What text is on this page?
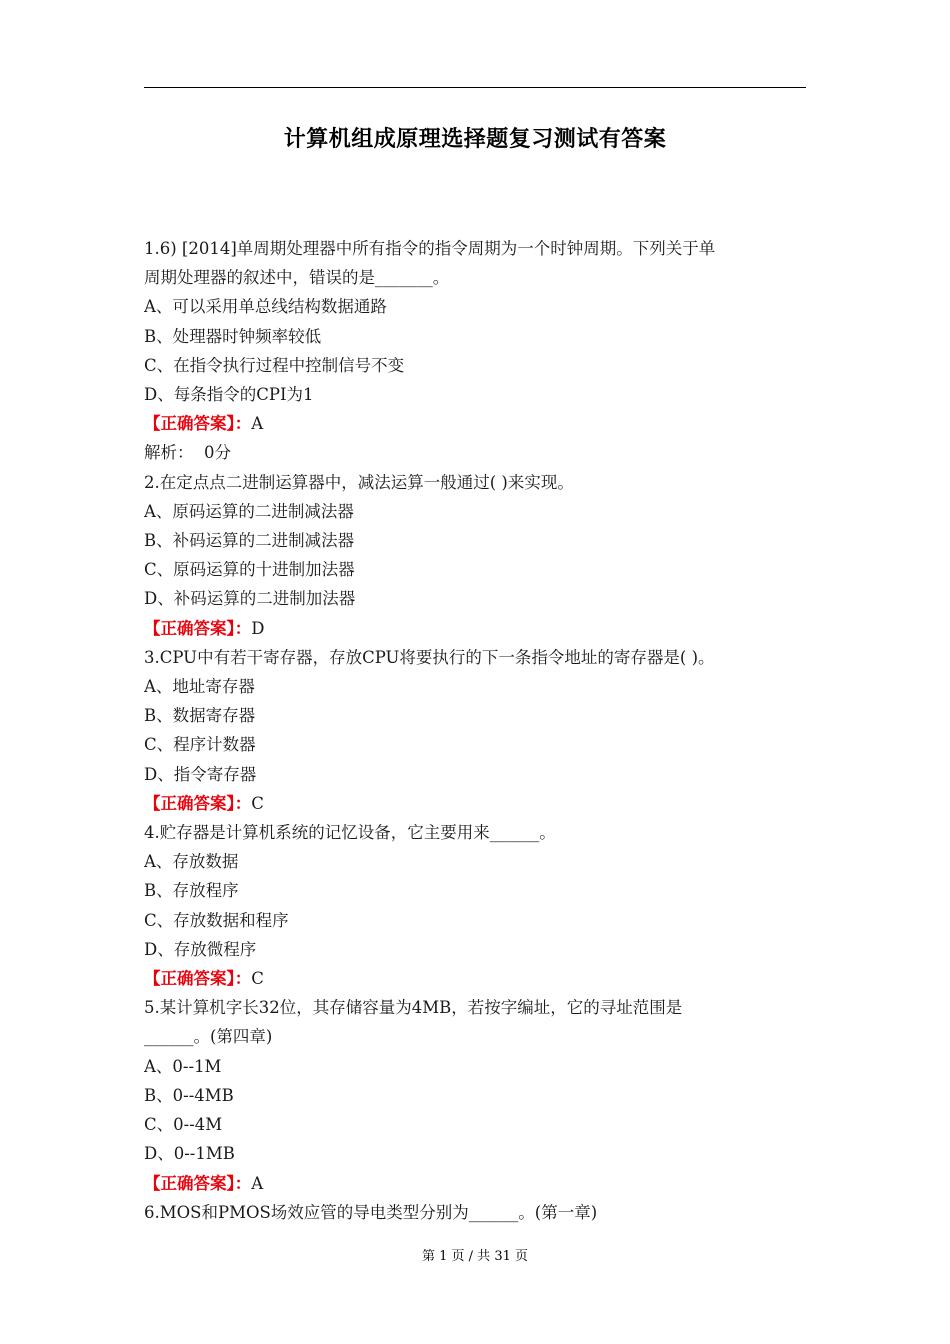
计算机组成原理选择题复习测试有答案
1.6) [2014]单周期处理器中所有指令的指令周期为一个时钟周期。下列关于单
周期处理器的叙述中，错误的是_______。
A、可以采用单总线结构数据通路
B、处理器时钟频率较低
C、在指令执行过程中控制信号不变
D、每条指令的CPI为1
【正确答案】：A
解析：  0分
2.在定点点二进制运算器中，减法运算一般通过( )来实现。
A、原码运算的二进制减法器
B、补码运算的二进制减法器
C、原码运算的十进制加法器
D、补码运算的二进制加法器
【正确答案】：D
3.CPU中有若干寄存器，存放CPU将要执行的下一条指令地址的寄存器是( )。
A、地址寄存器
B、数据寄存器
C、程序计数器
D、指令寄存器
【正确答案】：C
4.贮存器是计算机系统的记忆设备，它主要用来______。
A、存放数据
B、存放程序
C、存放数据和程序
D、存放微程序
【正确答案】：C
5.某计算机字长32位，其存储容量为4MB，若按字编址，它的寻址范围是
______。(第四章)
A、0--1M
B、0--4MB
C、0--4M
D、0--1MB
【正确答案】：A
6.MOS和PMOS场效应管的导电类型分别为______。(第一章)
第 1 页 / 共 31 页
